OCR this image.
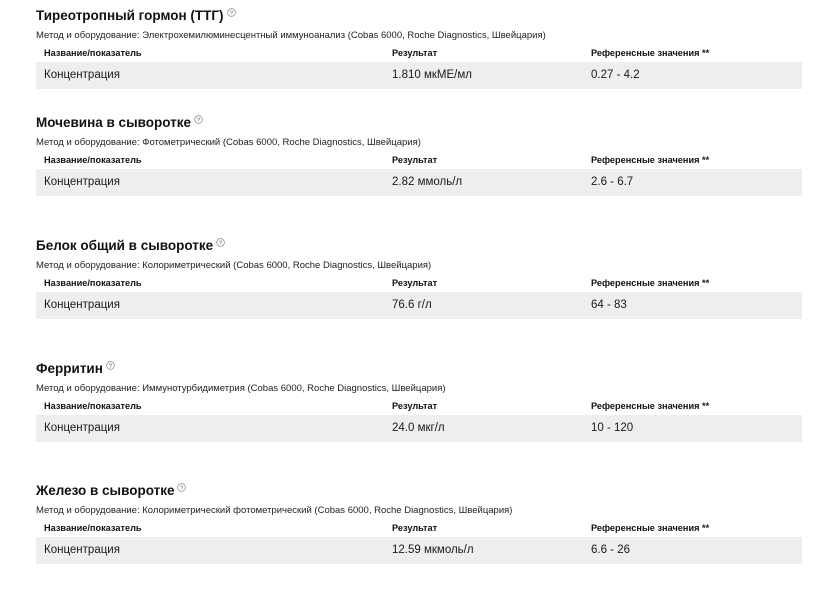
Тиреотропный гормон (ТТГ) ?
Метод и оборудование: Электрохемилюминесцентный иммуноанализ (Cobas 6000, Roche Diagnostics, Швейцария)
Название/показатель	Результат	Референсные значения **
Концентрация	1.810 мкМЕ/мл	0.27 - 4.2
Мочевина в сыворотке ?
Метод и оборудование: Фотометрический (Cobas 6000, Roche Diagnostics, Швейцария)
Название/показатель	Результат	Референсные значения **
Концентрация	2.82 ммоль/л	2.6 - 6.7
Белок общий в сыворотке ?
Метод и оборудование: Колориметрический (Cobas 6000, Roche Diagnostics, Швейцария)
Название/показатель	Результат	Референсные значения **
Концентрация	76.6 г/л	64 - 83
Ферритин ?
Метод и оборудование: Иммунотурбидиметрия (Cobas 6000, Roche Diagnostics, Швейцария)
Название/показатель	Результат	Референсные значения **
Концентрация	24.0 мкг/л	10 - 120
Железо в сыворотке ?
Метод и оборудование: Колориметрический фотометрический (Cobas 6000, Roche Diagnostics, Швейцария)
Название/показатель	Результат	Референсные значения **
Концентрация	12.59 мкмоль/л	6.6 - 26
